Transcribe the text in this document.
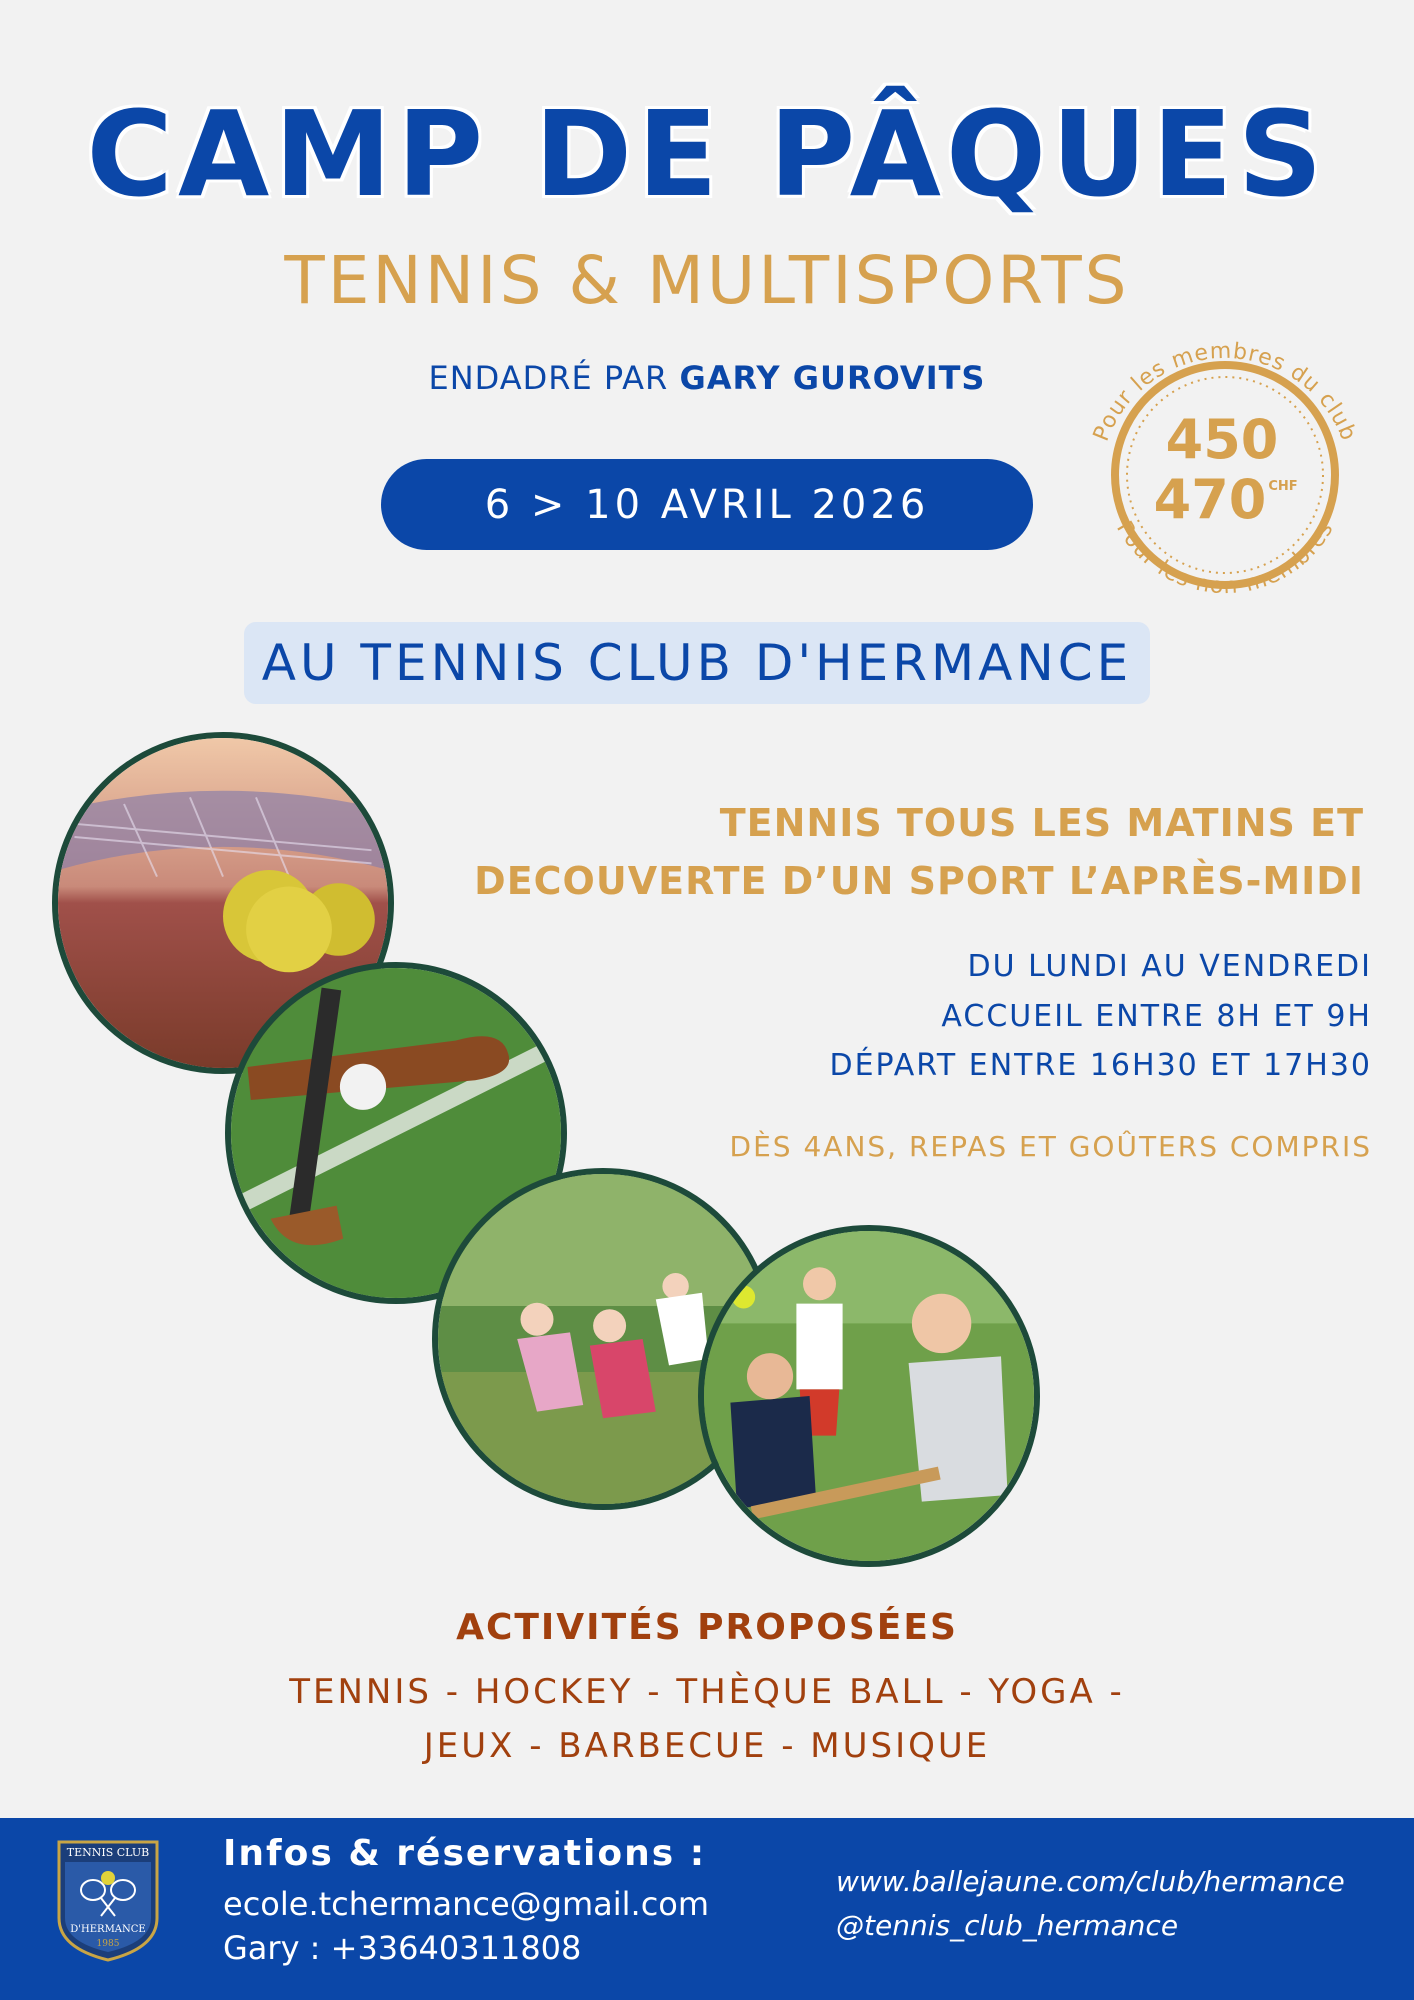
CAMP DE PÂQUES
TENNIS & MULTISPORTS
ENDADRÉ PAR GARY GUROVITS
6 > 10 AVRIL 2026
AU TENNIS CLUB D'HERMANCE
Pour les membres du club
Pour les non-membres
450
470 CHF
TENNIS TOUS LES MATINS ET
DECOUVERTE D’UN SPORT L’APRÈS-MIDI
DU LUNDI AU VENDREDI
ACCUEIL ENTRE 8H ET 9H
DÉPART ENTRE 16H30 ET 17H30
DÈS 4ANS, REPAS ET GOÛTERS COMPRIS
ACTIVITÉS PROPOSÉES
TENNIS - HOCKEY - THÈQUE BALL - YOGA -
JEUX - BARBECUE - MUSIQUE
TENNIS CLUB
D'HERMANCE
1985
Infos & réservations :
ecole.tchermance@gmail.com
Gary : +33640311808
www.ballejaune.com/club/hermance
@tennis_club_hermance
